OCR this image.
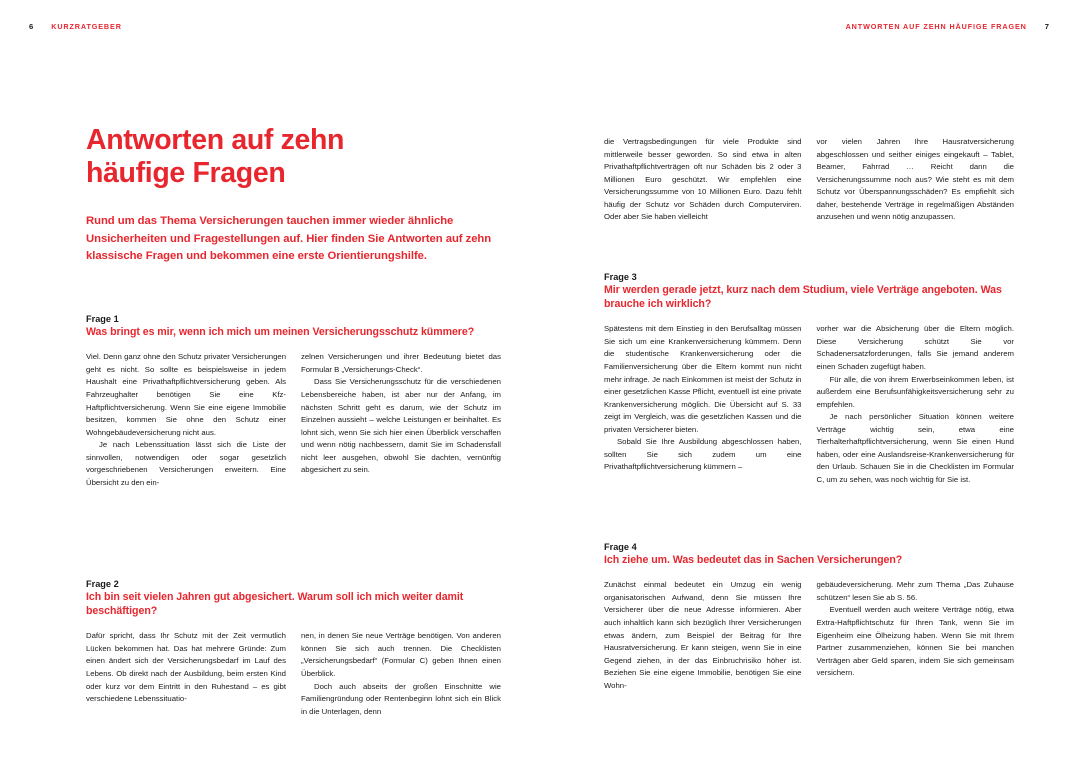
6	KURZRATGEBER
Antworten auf zehn
häufige Fragen

Rund um das Thema Versicherungen tauchen immer wieder ähnliche Unsicherheiten und Fragestellungen auf. Hier finden Sie Antworten auf zehn klassische Fragen und bekommen eine erste Orientierungshilfe.

Frage 1
Was bringt es mir, wenn ich mich um meinen Versicherungsschutz kümmere?

Viel. Denn ganz ohne den Schutz privater Versicherungen geht es nicht. So sollte es beispielsweise in jedem Haushalt eine Privathaftpflichtversicherung geben. Als Fahrzeughalter benötigen Sie eine Kfz-Haftpflichtversicherung. Wenn Sie eine eigene Immobilie besitzen, kommen Sie ohne den Schutz einer Wohngebäudeversicherung nicht aus.

Je nach Lebenssituation lässt sich die Liste der sinnvollen, notwendigen oder sogar gesetzlich vorgeschriebenen Versicherungen erweitern. Eine Übersicht zu den ein-

zelnen Versicherungen und ihrer Bedeutung bietet das Formular B „Versicherungs-Check“.

Dass Sie Versicherungsschutz für die verschiedenen Lebensbereiche haben, ist aber nur der Anfang, im nächsten Schritt geht es darum, wie der Schutz im Einzelnen aussieht – welche Leistungen er beinhaltet. Es lohnt sich, wenn Sie sich hier einen Überblick verschaffen und wenn nötig nachbessern, damit Sie im Schadensfall nicht leer ausgehen, obwohl Sie dachten, vernünftig abgesichert zu sein.

Frage 2
Ich bin seit vielen Jahren gut abgesichert. Warum soll ich mich weiter damit beschäftigen?

Dafür spricht, dass Ihr Schutz mit der Zeit vermutlich Lücken bekommen hat. Das hat mehrere Gründe: Zum einen ändert sich der Versicherungsbedarf im Lauf des Lebens. Ob direkt nach der Ausbildung, beim ersten Kind oder kurz vor dem Eintritt in den Ruhestand – es gibt verschiedene Lebenssituatio-

nen, in denen Sie neue Verträge benötigen. Von anderen können Sie sich auch trennen. Die Checklisten „Versicherungsbedarf“ (Formular C) geben Ihnen einen Überblick.

Doch auch abseits der großen Einschnitte wie Familiengründung oder Rentenbeginn lohnt sich ein Blick in die Unterlagen, denn

ANTWORTEN AUF ZEHN HÄUFIGE FRAGEN 7

die Vertragsbedingungen für viele Produkte sind mittlerweile besser geworden. So sind etwa in alten Privathaftpflichtverträgen oft nur Schäden bis 2 oder 3 Millionen Euro geschützt. Wir empfehlen eine Versicherungssumme von 10 Millionen Euro. Dazu fehlt häufig der Schutz vor Schäden durch Computerviren. Oder aber Sie haben vielleicht

vor vielen Jahren Ihre Hausratversicherung abgeschlossen und seither einiges eingekauft – Tablet, Beamer, Fahrrad … Reicht dann die Versicherungssumme noch aus? Wie steht es mit dem Schutz vor Überspannungsschäden? Es empfiehlt sich daher, bestehende Verträge in regelmäßigen Abständen anzusehen und wenn nötig anzupassen.

Frage 3
Mir werden gerade jetzt, kurz nach dem Studium, viele Verträge angeboten. Was brauche ich wirklich?

Spätestens mit dem Einstieg in den Berufsalltag müssen Sie sich um eine Krankenversicherung kümmern. Denn die studentische Krankenversicherung oder die Familienversicherung über die Eltern kommt nun nicht mehr infrage. Je nach Einkommen ist meist der Schutz in einer gesetzlichen Kasse Pflicht, eventuell ist eine private Krankenversicherung möglich. Die Übersicht auf S. 33 zeigt im Vergleich, was die gesetzlichen Kassen und die privaten Versicherer bieten.

Sobald Sie Ihre Ausbildung abgeschlossen haben, sollten Sie sich zudem um eine Privathaftpflichtversicherung kümmern –

vorher war die Absicherung über die Eltern möglich. Diese Versicherung schützt Sie vor Schadenersatzforderungen, falls Sie jemand anderem einen Schaden zugefügt haben.

Für alle, die von ihrem Erwerbseinkommen leben, ist außerdem eine Berufsunfähigkeitsversicherung sehr zu empfehlen.

Je nach persönlicher Situation können weitere Verträge wichtig sein, etwa eine Tierhalterhaftpflichtversicherung, wenn Sie einen Hund haben, oder eine Auslandsreise-Krankenversicherung für den Urlaub. Schauen Sie in die Checklisten im Formular C, um zu sehen, was noch wichtig für Sie ist.

Frage 4
Ich ziehe um. Was bedeutet das in Sachen Versicherungen?

Zunächst einmal bedeutet ein Umzug ein wenig organisatorischen Aufwand, denn Sie müssen Ihre Versicherer über die neue Adresse informieren. Aber auch inhaltlich kann sich bezüglich Ihrer Versicherungen etwas ändern, zum Beispiel der Beitrag für Ihre Hausratversicherung. Er kann steigen, wenn Sie in eine Gegend ziehen, in der das Einbruchrisiko höher ist. Beziehen Sie eine eigene Immobilie, benötigen Sie eine Wohn-

gebäudeversicherung. Mehr zum Thema „Das Zuhause schützen“ lesen Sie ab S. 56.

Eventuell werden auch weitere Verträge nötig, etwa Extra-Haftpflichtschutz für Ihren Tank, wenn Sie im Eigenheim eine Ölheizung haben. Wenn Sie mit Ihrem Partner zusammenziehen, können Sie bei manchen Verträgen aber Geld sparen, indem Sie sich gemeinsam versichern.
